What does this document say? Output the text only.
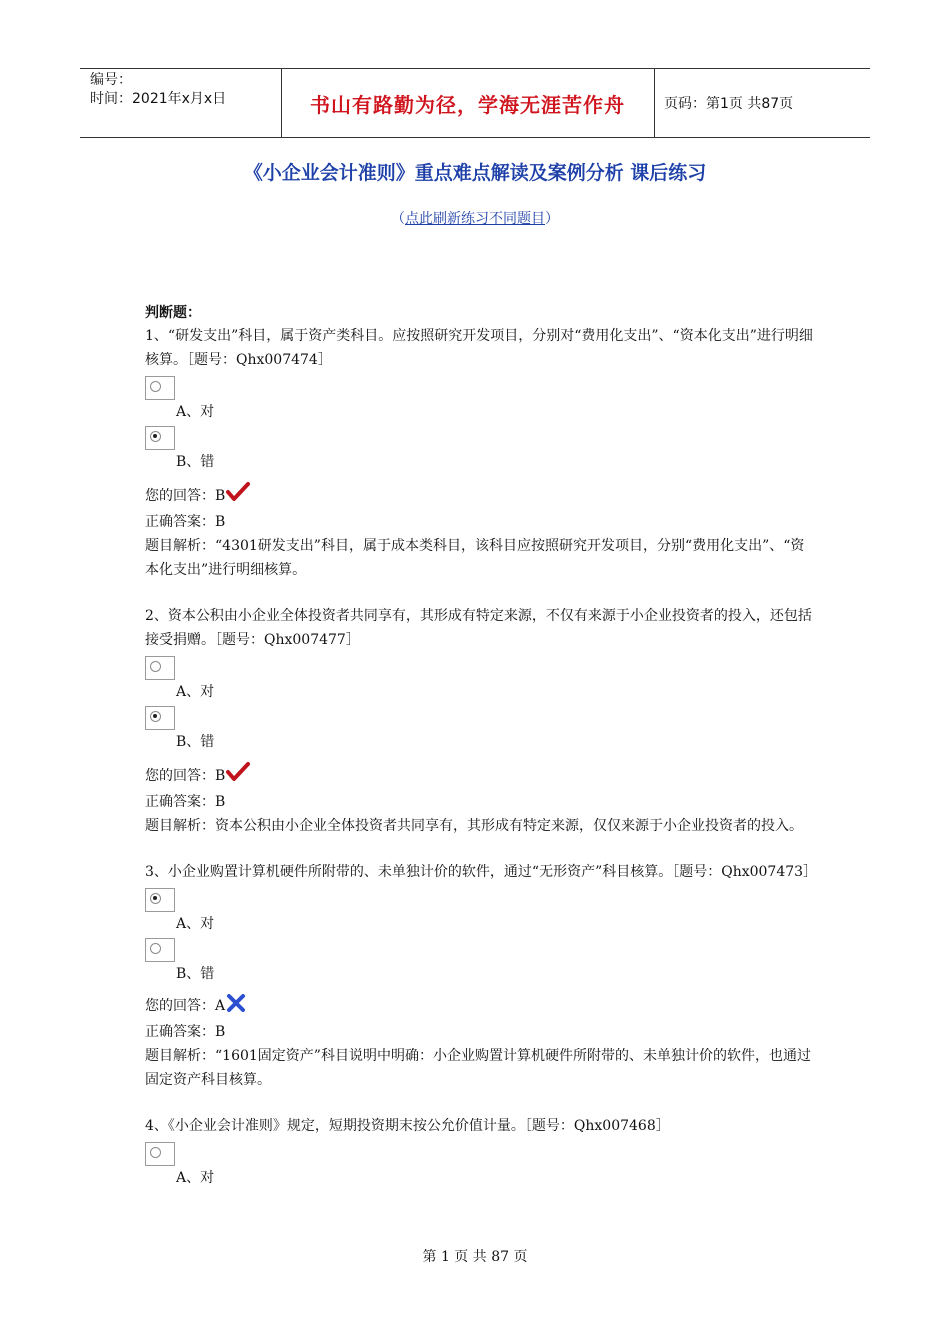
编号：
时间：2021年x月x日	书山有路勤为径，学海无涯苦作舟	页码：第1页 共87页
《小企业会计准则》重点难点解读及案例分析 课后练习
（点此刷新练习不同题目）
判断题：
1、“研发支出”科目，属于资产类科目。应按照研究开发项目，分别对“费用化支出”、“资本化支出”进行明细核算。［题号：Qhx007474］
A、对
B、错
您的回答：B
正确答案：B
题目解析：“4301研发支出”科目，属于成本类科目，该科目应按照研究开发项目，分别“费用化支出”、“资本化支出”进行明细核算。
2、资本公积由小企业全体投资者共同享有，其形成有特定来源，不仅有来源于小企业投资者的投入，还包括接受捐赠。［题号：Qhx007477］
A、对
B、错
您的回答：B
正确答案：B
题目解析：资本公积由小企业全体投资者共同享有，其形成有特定来源，仅仅来源于小企业投资者的投入。
3、小企业购置计算机硬件所附带的、未单独计价的软件，通过“无形资产”科目核算。［题号：Qhx007473］
A、对
B、错
您的回答：A
正确答案：B
题目解析：“1601固定资产”科目说明中明确：小企业购置计算机硬件所附带的、未单独计价的软件，也通过固定资产科目核算。
4、《小企业会计准则》规定，短期投资期末按公允价值计量。［题号：Qhx007468］
A、对
第 1 页 共 87 页
